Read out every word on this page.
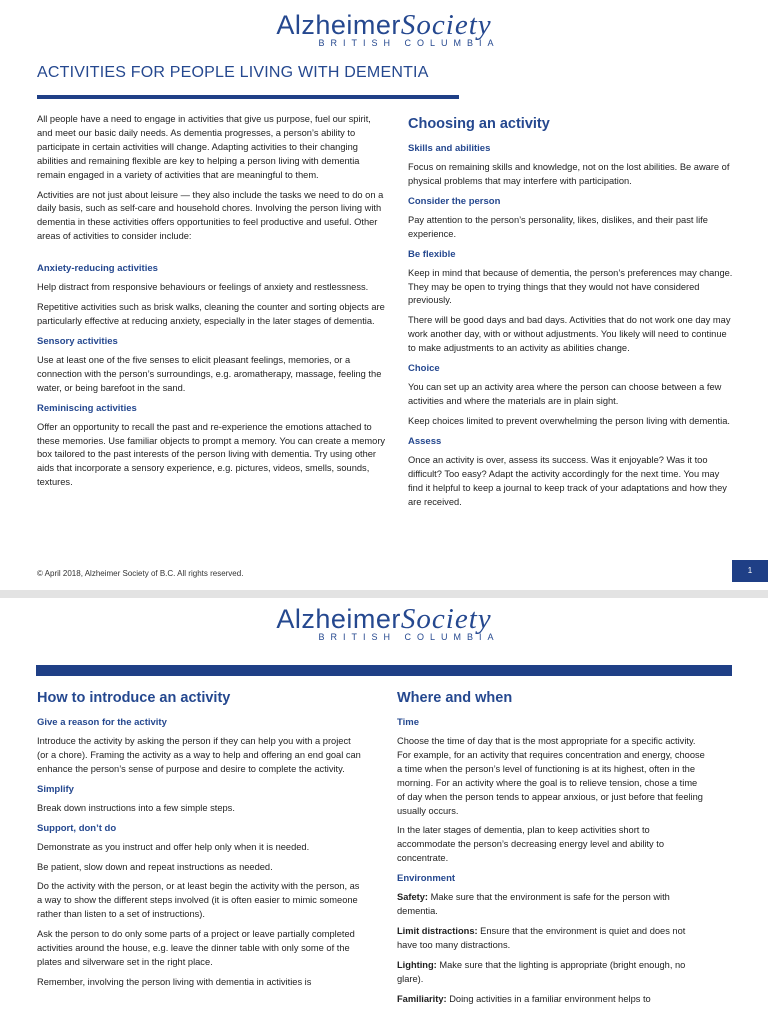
AlzheimerSociety
BRITISH COLUMBIA
ACTIVITIES FOR PEOPLE LIVING WITH DEMENTIA

All people have a need to engage in activities that give us purpose, fuel our spirit, and meet our basic daily needs. As dementia progresses, a person’s ability to participate in certain activities will change. Adapting activities to their changing abilities and remaining flexible are key to helping a person living with dementia remain engaged in a variety of activities that are meaningful to them.

Activities are not just about leisure — they also include the tasks we need to do on a daily basis, such as self-care and household chores. Involving the person living with dementia in these activities offers opportunities to feel productive and useful. Other areas of activities to consider include:

Anxiety-reducing activities

Help distract from responsive behaviours or feelings of anxiety and restlessness.

Repetitive activities such as brisk walks, cleaning the counter and sorting objects are particularly effective at reducing anxiety, especially in the later stages of dementia.

Sensory activities

Use at least one of the five senses to elicit pleasant feelings, memories, or a connection with the person’s surroundings, e.g. aromatherapy, massage, feeling the water, or being barefoot in the sand.

Reminiscing activities

Offer an opportunity to recall the past and re-experience the emotions attached to these memories. Use familiar objects to prompt a memory. You can create a memory box tailored to the past interests of the person living with dementia. Try using other aids that incorporate a sensory experience, e.g. pictures, videos, smells, sounds, textures.

Choosing an activity
Skills and abilities

Focus on remaining skills and knowledge, not on the lost abilities. Be aware of physical problems that may interfere with participation.

Consider the person

Pay attention to the person’s personality, likes, dislikes, and their past life experience.

Be flexible

Keep in mind that because of dementia, the person’s preferences may change. They may be open to trying things that they would not have considered previously.

There will be good days and bad days. Activities that do not work one day may work another day, with or without adjustments. You likely will need to continue to make adjustments to an activity as abilities change.

Choice

You can set up an activity area where the person can choose between a few activities and where the materials are in plain sight.

Keep choices limited to prevent overwhelming the person living with dementia.

Assess

Once an activity is over, assess its success. Was it enjoyable? Was it too difficult? Too easy? Adapt the activity accordingly for the next time. You may find it helpful to keep a journal to keep track of your adaptations and how they are received.

© April 2018, Alzheimer Society of B.C. All rights reserved.	1
AlzheimerSociety
BRITISH COLUMBIA
How to introduce an activity
Give a reason for the activity

Introduce the activity by asking the person if they can help you with a project (or a chore). Framing the activity as a way to help and offering an end goal can enhance the person’s sense of purpose and desire to complete the activity.

Simplify

Break down instructions into a few simple steps.

Support, don’t do

Demonstrate as you instruct and offer help only when it is needed.

Be patient, slow down and repeat instructions as needed.

Do the activity with the person, or at least begin the activity with the person, as a way to show the different steps involved (it is often easier to mimic someone rather than listen to a set of instructions).

Ask the person to do only some parts of a project or leave partially completed activities around the house, e.g. leave the dinner table with only some of the plates and silverware set in the right place.

Remember, involving the person living with dementia in activities is

Where and when
Time

Choose the time of day that is the most appropriate for a specific activity. For example, for an activity that requires concentration and energy, choose a time when the person’s level of functioning is at its highest, often in the morning. For an activity where the goal is to relieve tension, chose a time of day when the person tends to appear anxious, or just before that feeling usually occurs.

In the later stages of dementia, plan to keep activities short to accommodate the person’s decreasing energy level and ability to concentrate.

Environment

Safety: Make sure that the environment is safe for the person with dementia.

Limit distractions: Ensure that the environment is quiet and does not have too many distractions.

Lighting: Make sure that the lighting is appropriate (bright enough, no glare).

Familiarity: Doing activities in a familiar environment helps to
